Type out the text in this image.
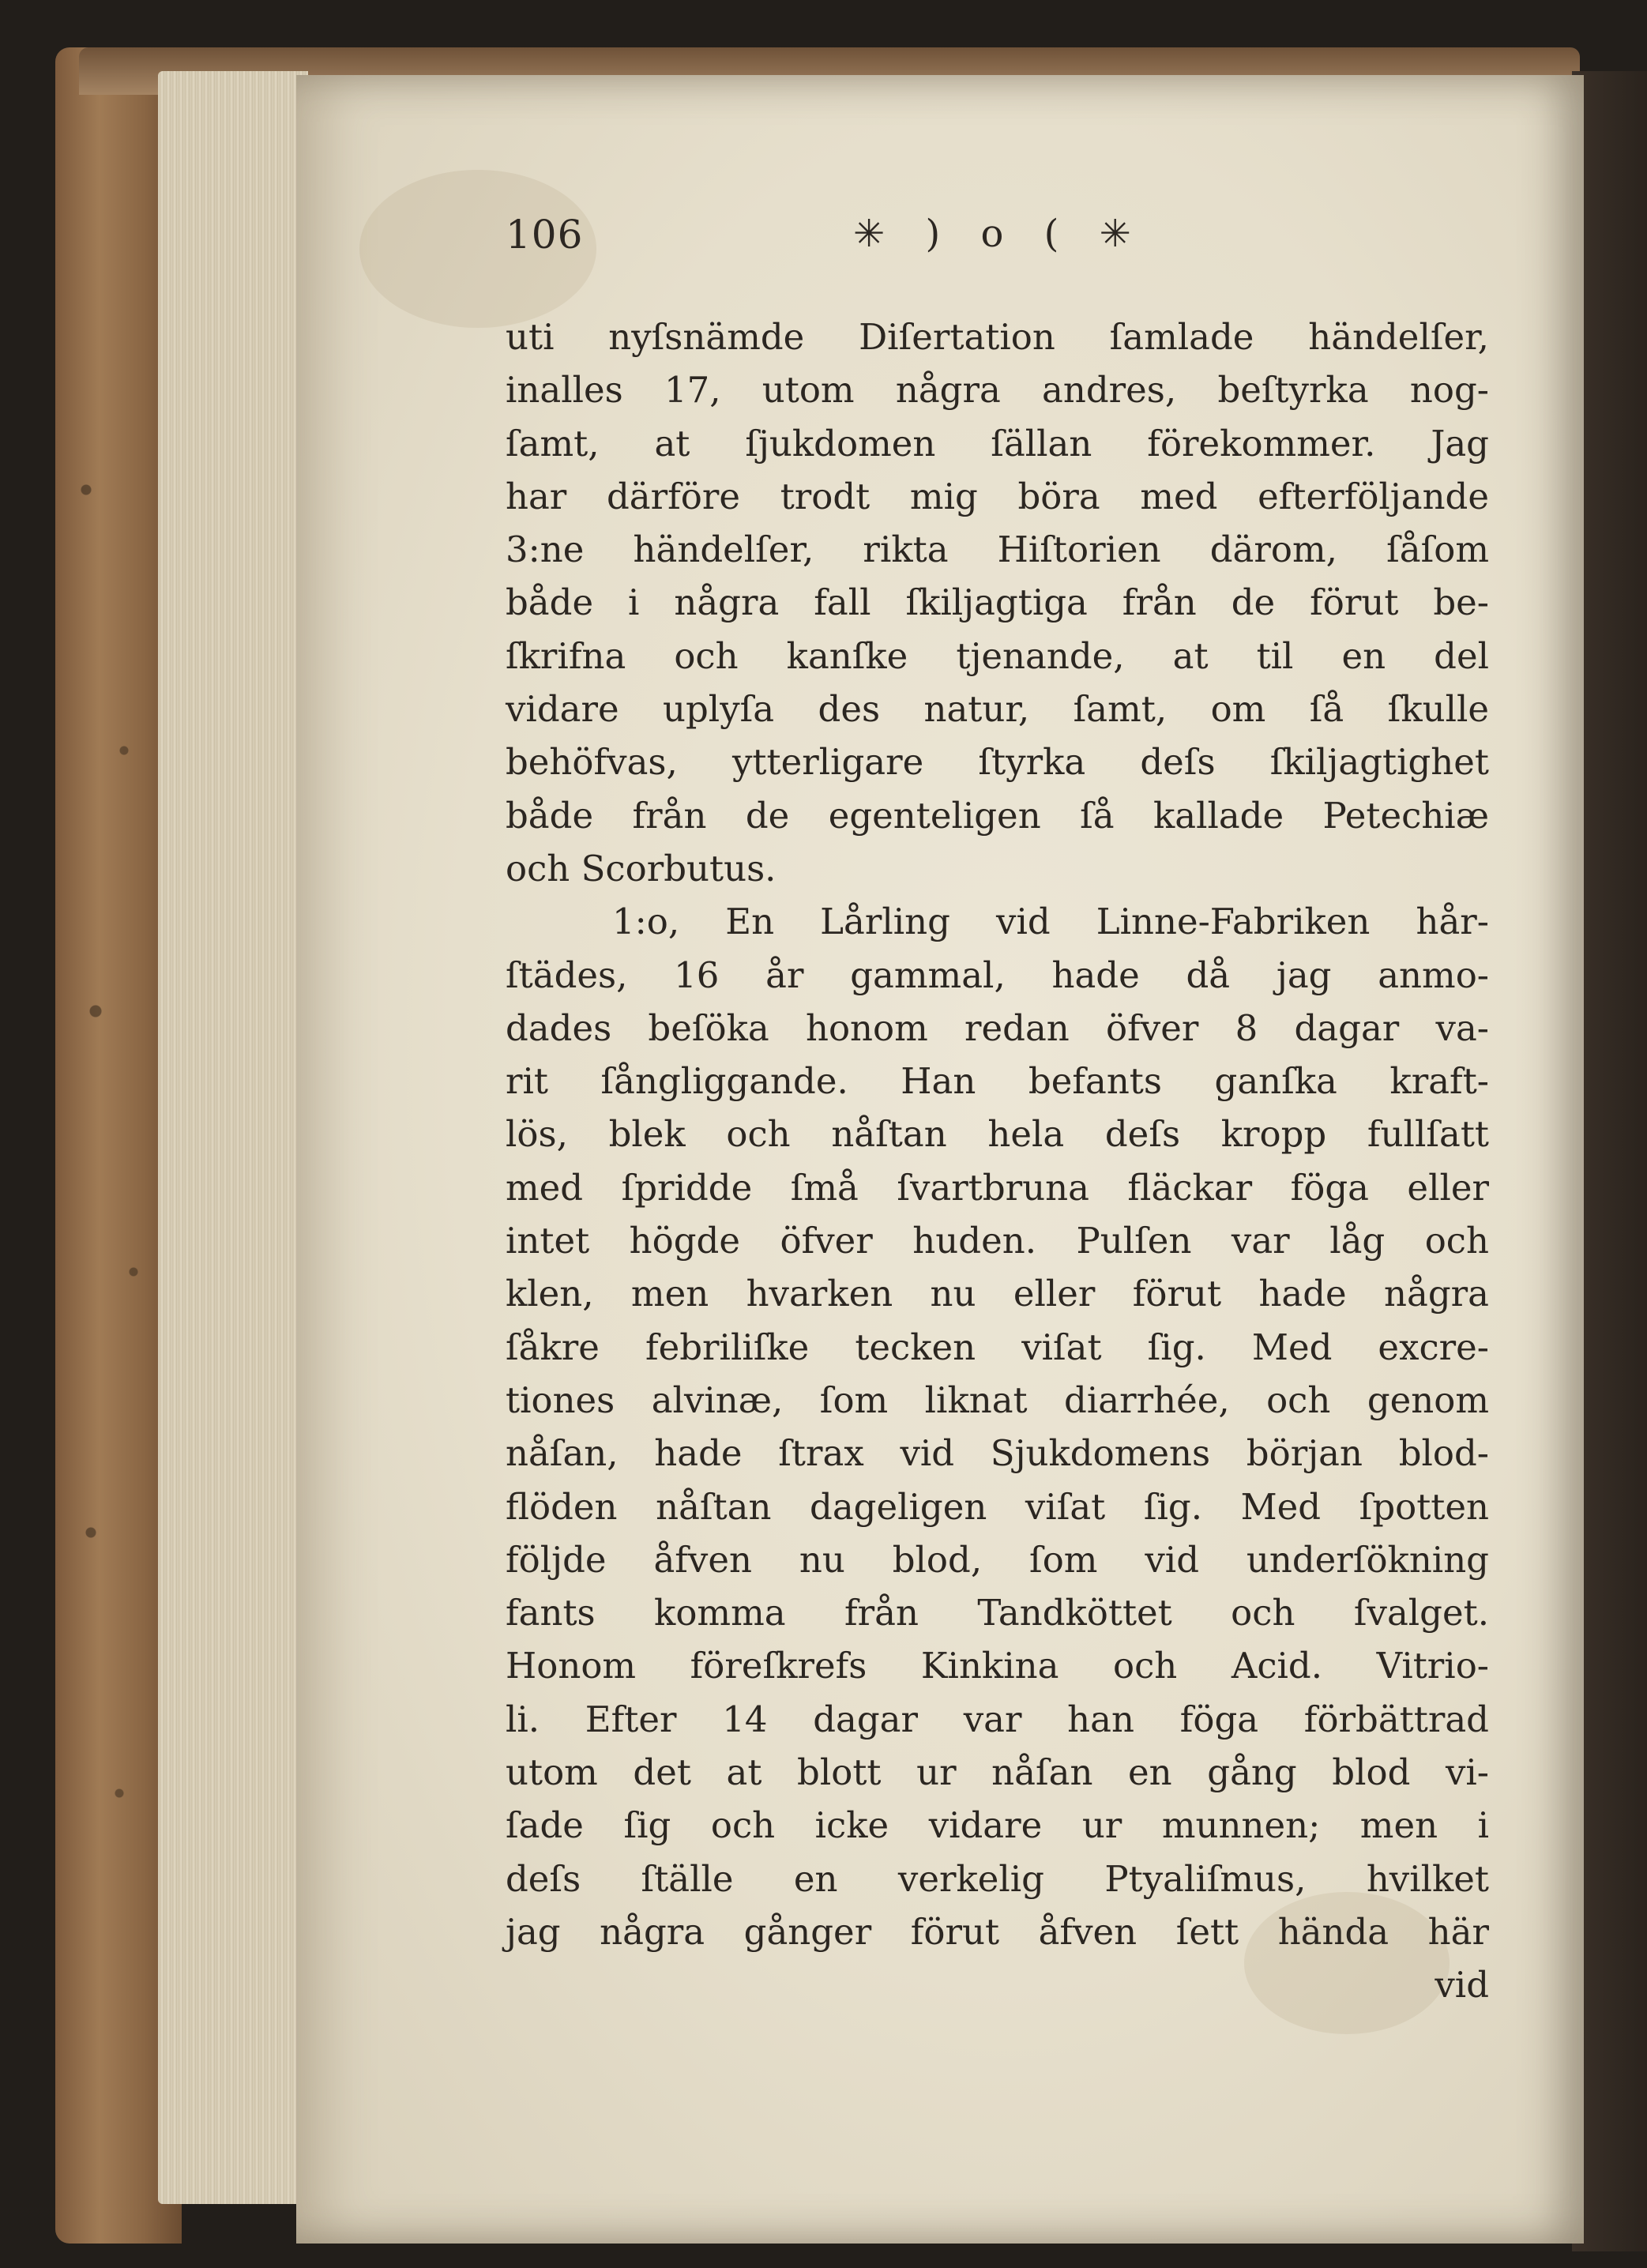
106	✳ ) o ( ✳
uti nyſsnämde Diſertation ſamlade händelſer,
inalles 17, utom några andres, beſtyrka nog-
ſamt, at ſjukdomen ſällan förekommer. Jag
har därföre trodt mig böra med efterföljande
3:ne händelſer, rikta Hiſtorien därom, ſåſom
både i några fall ſkiljagtiga från de förut be-
ſkrifna och kanſke tjenande, at til en del
vidare uplyſa des natur, ſamt, om ſå ſkulle
behöfvas, ytterligare ſtyrka deſs ſkiljagtighet
både från de egenteligen ſå kallade Petechiæ
och Scorbutus.
1:o, En Lårling vid Linne-Fabriken hår-
ſtädes, 16 år gammal, hade då jag anmo-
dades beſöka honom redan öfver 8 dagar va-
rit ſångliggande. Han befants ganſka kraft-
lös, blek och nåſtan hela deſs kropp fullſatt
med ſpridde ſmå ſvartbruna fläckar föga eller
intet högde öfver huden. Pulſen var låg och
klen, men hvarken nu eller förut hade några
ſåkre febriliſke tecken viſat ſig. Med excre-
tiones alvinæ, ſom liknat diarrhée, och genom
nåſan, hade ſtrax vid Sjukdomens början blod-
flöden nåſtan dageligen viſat ſig. Med ſpotten
följde åfven nu blod, ſom vid underſökning
fants komma från Tandköttet och ſvalget.
Honom föreſkrefs Kinkina och Acid. Vitrio-
li. Efter 14 dagar var han föga förbättrad
utom det at blott ur nåſan en gång blod vi-
ſade ſig och icke vidare ur munnen; men i
deſs ſtälle en verkelig Ptyaliſmus, hvilket
jag några gånger förut åfven ſett hända här
vid
